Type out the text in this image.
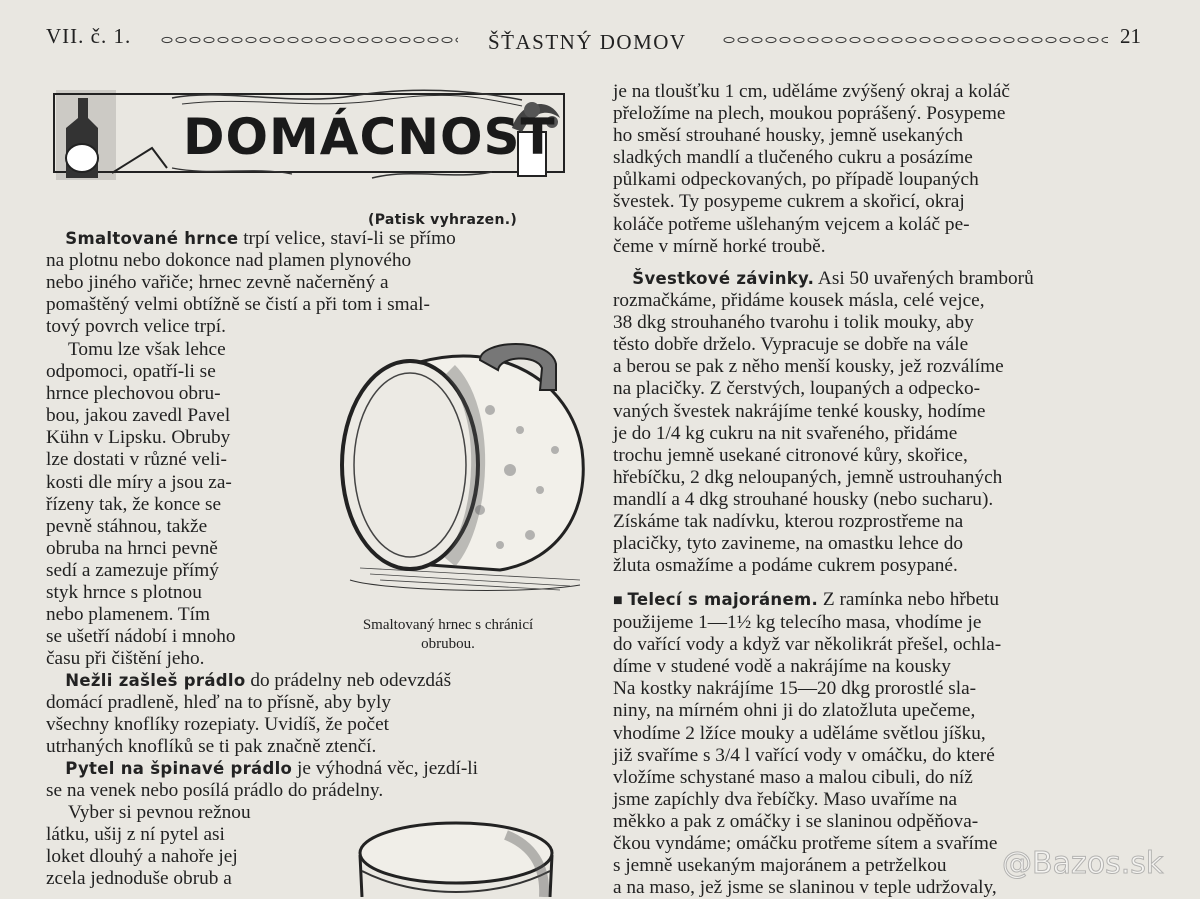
VII. č. 1.	ŠŤASTNÝ DOMOV	21
DOMÁCNOST
(Patisk vyhrazen.)

Smaltované hrnce trpí velice, staví-li se přímo

na plotnu nebo dokonce nad plamen plynového

nebo jiného vařiče; hrnec zevně načerněný a

pomaštěný velmi obtížně se čistí a při tom i smal-

tový povrch velice trpí.

Tomu lze však lehce

odpomoci, opatří-li se

hrnce plechovou obru-

bou, jakou zavedl Pavel

Kühn v Lipsku. Obruby

lze dostati v různé veli-

kosti dle míry a jsou za-

řízeny tak, že konce se

pevně stáhnou, takže

obruba na hrnci pevně

sedí a zamezuje přímý

styk hrnce s plotnou

nebo plamenem. Tím

se ušetří nádobí i mnoho

času při čištění jeho.

Smaltovaný hrnec s chránicí
obrubou.

Nežli zašleš prádlo do prádelny neb odevzdáš

domácí pradleně, hleď na to přísně, aby byly

všechny knoflíky rozepiaty. Uvidíš, že počet

utrhaných knoflíků se ti pak značně ztenčí.

Pytel na špinavé prádlo je výhodná věc, jezdí-li

se na venek nebo posílá prádlo do prádelny.

Vyber si pevnou režnou

látku, ušij z ní pytel asi

loket dlouhý a nahoře jej

zcela jednoduše obrub a

je na tloušťku 1 cm, uděláme zvýšený okraj a koláč

přeložíme na plech, moukou poprášený. Posypeme

ho směsí strouhané housky, jemně usekaných

sladkých mandlí a tlučeného cukru a posázíme

půlkami odpeckovaných, po případě loupaných

švestek. Ty posypeme cukrem a skořicí, okraj

koláče potřeme ušlehaným vejcem a koláč pe-

čeme v mírně horké troubě.

Švestkové závinky. Asi 50 uvařených bramborů

rozmačkáme, přidáme kousek másla, celé vejce,

38 dkg strouhaného tvarohu i tolik mouky, aby

těsto dobře drželo. Vypracuje se dobře na vále

a berou se pak z něho menší kousky, jež rozválíme

na placičky. Z čerstvých, loupaných a odpecko-

vaných švestek nakrájíme tenké kousky, hodíme

je do 1/4 kg cukru na nit svařeného, přidáme

trochu jemně usekané citronové kůry, skořice,

hřebíčku, 2 dkg neloupaných, jemně ustrouhaných

mandlí a 4 dkg strouhané housky (nebo sucharu).

Získáme tak nadívku, kterou rozprostřeme na

placičky, tyto zavineme, na omastku lehce do

žluta osmažíme a podáme cukrem posypané.

■ Telecí s majoránem. Z ramínka nebo hřbetu

použijeme 1—1½ kg telecího masa, vhodíme je

do vařící vody a když var několikrát přešel, ochla-

díme v studené vodě a nakrájíme na kousky

Na kostky nakrájíme 15—20 dkg prorostlé sla-

niny, na mírném ohni ji do zlatožluta upečeme,

vhodíme 2 lžíce mouky a uděláme světlou jíšku,

již svaříme s 3/4 l vařící vody v omáčku, do které

vložíme schystané maso a malou cibuli, do níž

jsme zapíchly dva řebíčky. Maso uvaříme na

měkko a pak z omáčky i se slaninou odpěňova-

čkou vyndáme; omáčku protřeme sítem a svaříme

s jemně usekaným majoránem a petrželkou

a na maso, jež jsme se slaninou v teple udržovaly,

@Bazos.sk
